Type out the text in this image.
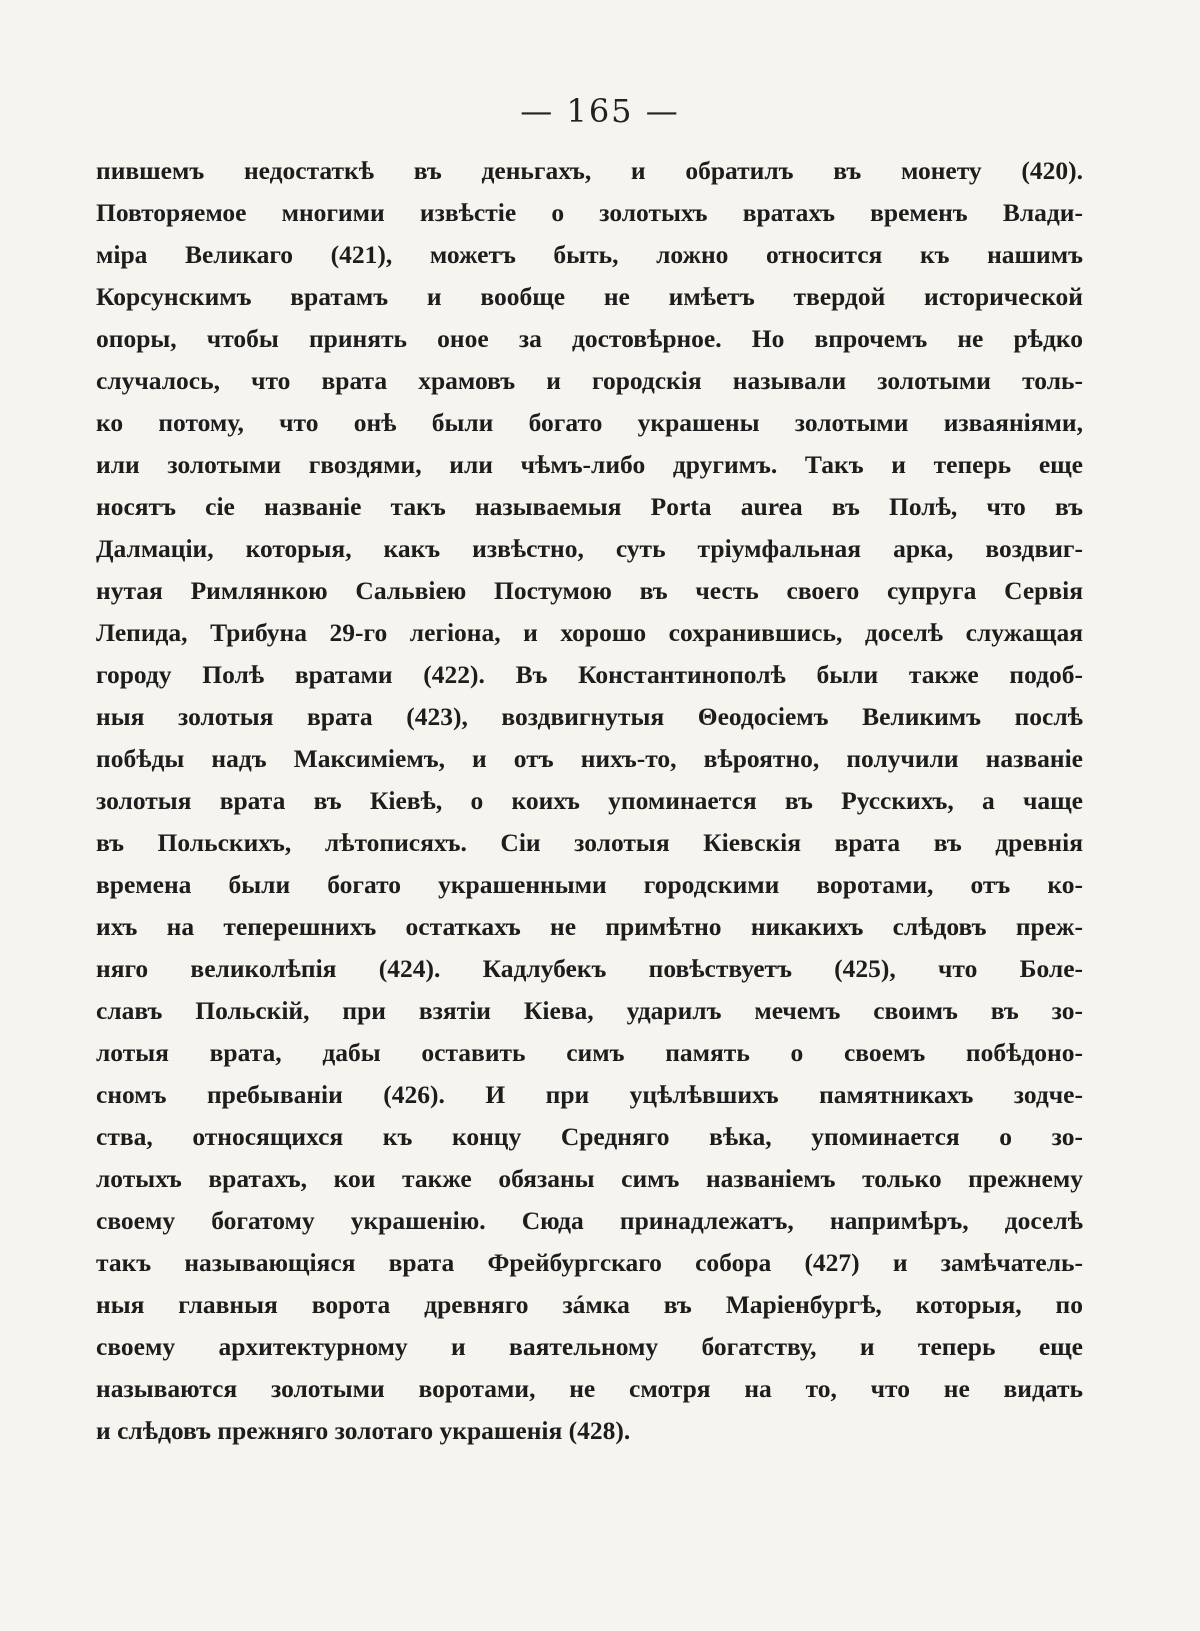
— 165 —
пившемъ недостаткѣ въ деньгахъ, и обратилъ въ монету (420).
Повторяемое многими извѣстіе о золотыхъ вратахъ временъ Влади-
міра Великаго (421), можетъ быть, ложно относится къ нашимъ
Корсунскимъ вратамъ и вообще не имѣетъ твердой исторической
опоры, чтобы принять оное за достовѣрное. Но впрочемъ не рѣдко
случалось, что врата храмовъ и городскія называли золотыми толь-
ко потому, что онѣ были богато украшены золотыми изваяніями,
или золотыми гвоздями, или чѣмъ-либо другимъ. Такъ и теперь еще
носятъ сіе названіе такъ называемыя Porta aurea въ Полѣ, что въ
Далмаціи, которыя, какъ извѣстно, суть тріумфальная арка, воздвиг-
нутая Римлянкою Сальвіею Постумою въ честь своего супруга Сервія
Лепида, Трибуна 29-го легіона, и хорошо сохранившись, доселѣ служащая
городу Полѣ вратами (422). Въ Константинополѣ были также подоб-
ныя золотыя врата (423), воздвигнутыя Θеодосіемъ Великимъ послѣ
побѣды надъ Максиміемъ, и отъ нихъ-то, вѣроятно, получили названіе
золотыя врата въ Кіевѣ, о коихъ упоминается въ Русскихъ, а чаще
въ Польскихъ, лѣтописяхъ. Сіи золотыя Кіевскія врата въ древнія
времена были богато украшенными городскими воротами, отъ ко-
ихъ на теперешнихъ остаткахъ не примѣтно никакихъ слѣдовъ преж-
няго великолѣпія (424). Кадлубекъ повѣствуетъ (425), что Боле-
славъ Польскій, при взятіи Кіева, ударилъ мечемъ своимъ въ зо-
лотыя врата, дабы оставить симъ память о своемъ побѣдоно-
сномъ пребываніи (426). И при уцѣлѣвшихъ памятникахъ зодче-
ства, относящихся къ концу Средняго вѣка, упоминается о зо-
лотыхъ вратахъ, кои также обязаны симъ названіемъ только прежнему
своему богатому украшенію. Сюда принадлежатъ, напримѣръ, доселѣ
такъ называющіяся врата Фрейбургскаго собора (427) и замѣчатель-
ныя главныя ворота древняго зáмка въ Маріенбургѣ, которыя, по
своему архитектурному и ваятельному богатству, и теперь еще
называются золотыми воротами, не смотря на то, что не видать
и слѣдовъ прежняго золотаго украшенія (428).
